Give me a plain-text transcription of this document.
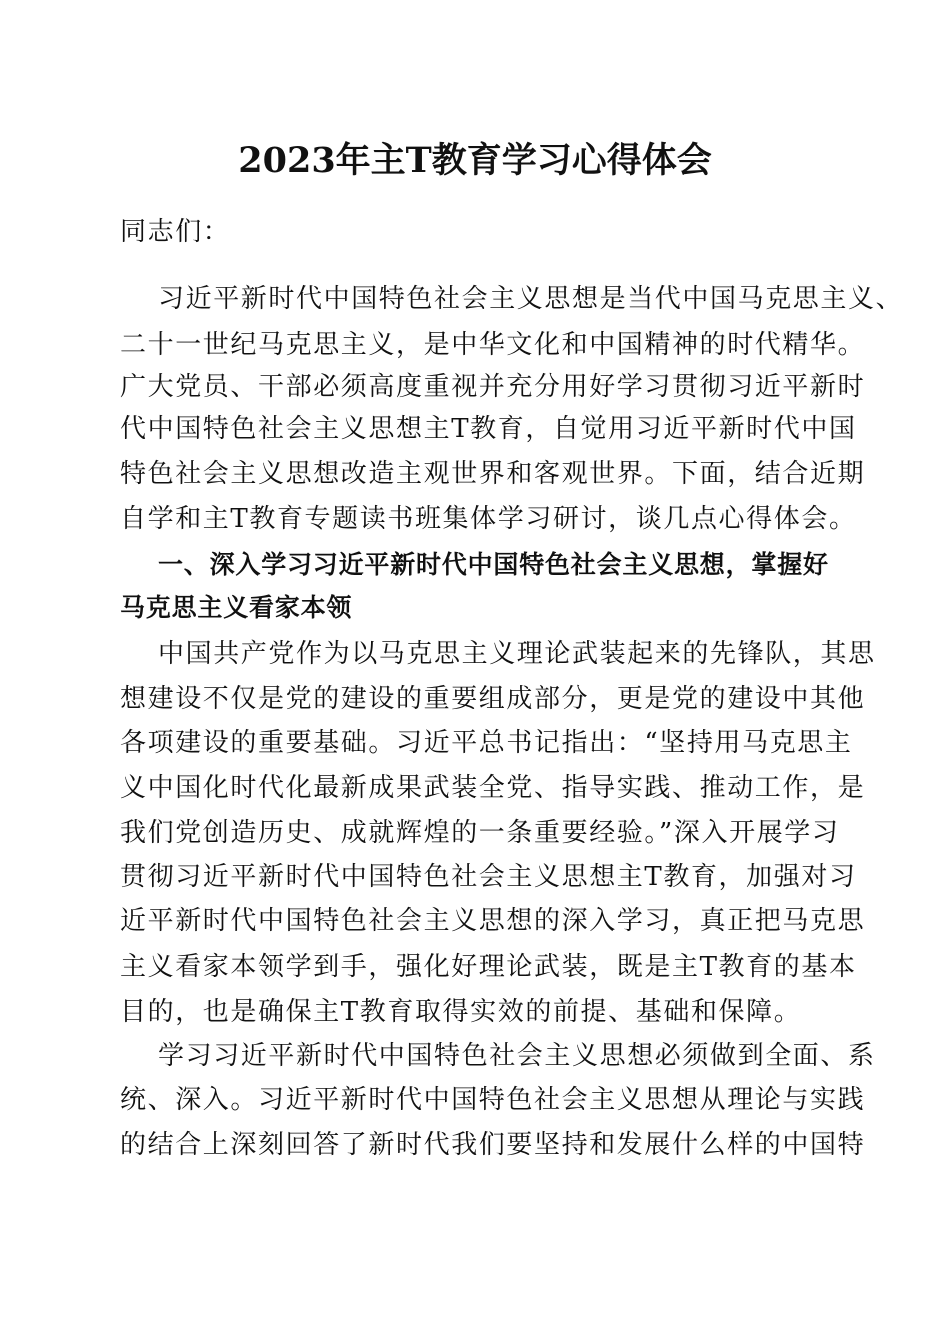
2023年主T教育学习心得体会
同志们：
习近平新时代中国特色社会主义思想是当代中国马克思主义、
二十一世纪马克思主义，是中华文化和中国精神的时代精华。
广大党员、干部必须高度重视并充分用好学习贯彻习近平新时
代中国特色社会主义思想主T教育，自觉用习近平新时代中国
特色社会主义思想改造主观世界和客观世界。下面，结合近期
自学和主T教育专题读书班集体学习研讨，谈几点心得体会。
一、深入学习习近平新时代中国特色社会主义思想，掌握好
马克思主义看家本领
中国共产党作为以马克思主义理论武装起来的先锋队，其思
想建设不仅是党的建设的重要组成部分，更是党的建设中其他
各项建设的重要基础。习近平总书记指出：“坚持用马克思主
义中国化时代化最新成果武装全党、指导实践、推动工作，是
我们党创造历史、成就辉煌的一条重要经验。”深入开展学习
贯彻习近平新时代中国特色社会主义思想主T教育，加强对习
近平新时代中国特色社会主义思想的深入学习，真正把马克思
主义看家本领学到手，强化好理论武装，既是主T教育的基本
目的，也是确保主T教育取得实效的前提、基础和保障。
学习习近平新时代中国特色社会主义思想必须做到全面、系
统、深入。习近平新时代中国特色社会主义思想从理论与实践
的结合上深刻回答了新时代我们要坚持和发展什么样的中国特
